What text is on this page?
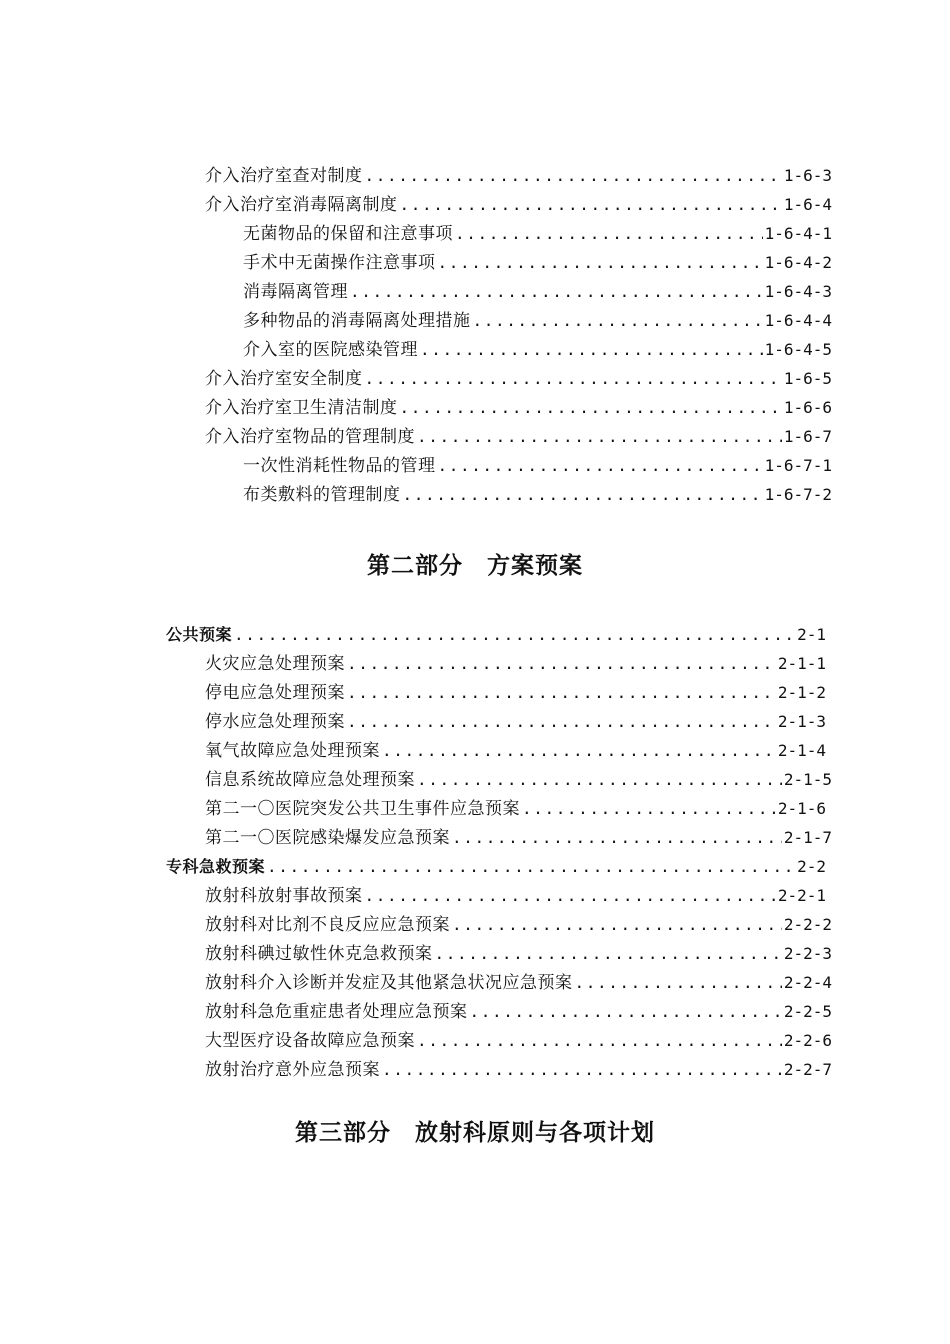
介入治疗室查对制度 .....	1-6-3
介入治疗室消毒隔离制度 .....	1-6-4
无菌物品的保留和注意事项 .....	1-6-4-1
手术中无菌操作注意事项 .....	1-6-4-2
消毒隔离管理 .....	1-6-4-3
多种物品的消毒隔离处理措施 .....	1-6-4-4
介入室的医院感染管理 .....	1-6-4-5
介入治疗室安全制度 .....	1-6-5
介入治疗室卫生清洁制度 .....	1-6-6
介入治疗室物品的管理制度 .....	1-6-7
一次性消耗性物品的管理 .....	1-6-7-1
布类敷料的管理制度 .....	1-6-7-2
第二部分　方案预案
公共预案 .....	2-1
火灾应急处理预案 .....	2-1-1
停电应急处理预案 .....	2-1-2
停水应急处理预案 .....	2-1-3
氧气故障应急处理预案 .....	2-1-4
信息系统故障应急处理预案 .....	2-1-5
第二一〇医院突发公共卫生事件应急预案 .....	2-1-6
第二一〇医院感染爆发应急预案 .....	2-1-7
专科急救预案 .....	2-2
放射科放射事故预案 .....	2-2-1
放射科对比剂不良反应应急预案 .....	2-2-2
放射科碘过敏性休克急救预案 .....	2-2-3
放射科介入诊断并发症及其他紧急状况应急预案 .....	2-2-4
放射科急危重症患者处理应急预案 .....	2-2-5
大型医疗设备故障应急预案 .....	2-2-6
放射治疗意外应急预案 .....	2-2-7
第三部分　放射科原则与各项计划
